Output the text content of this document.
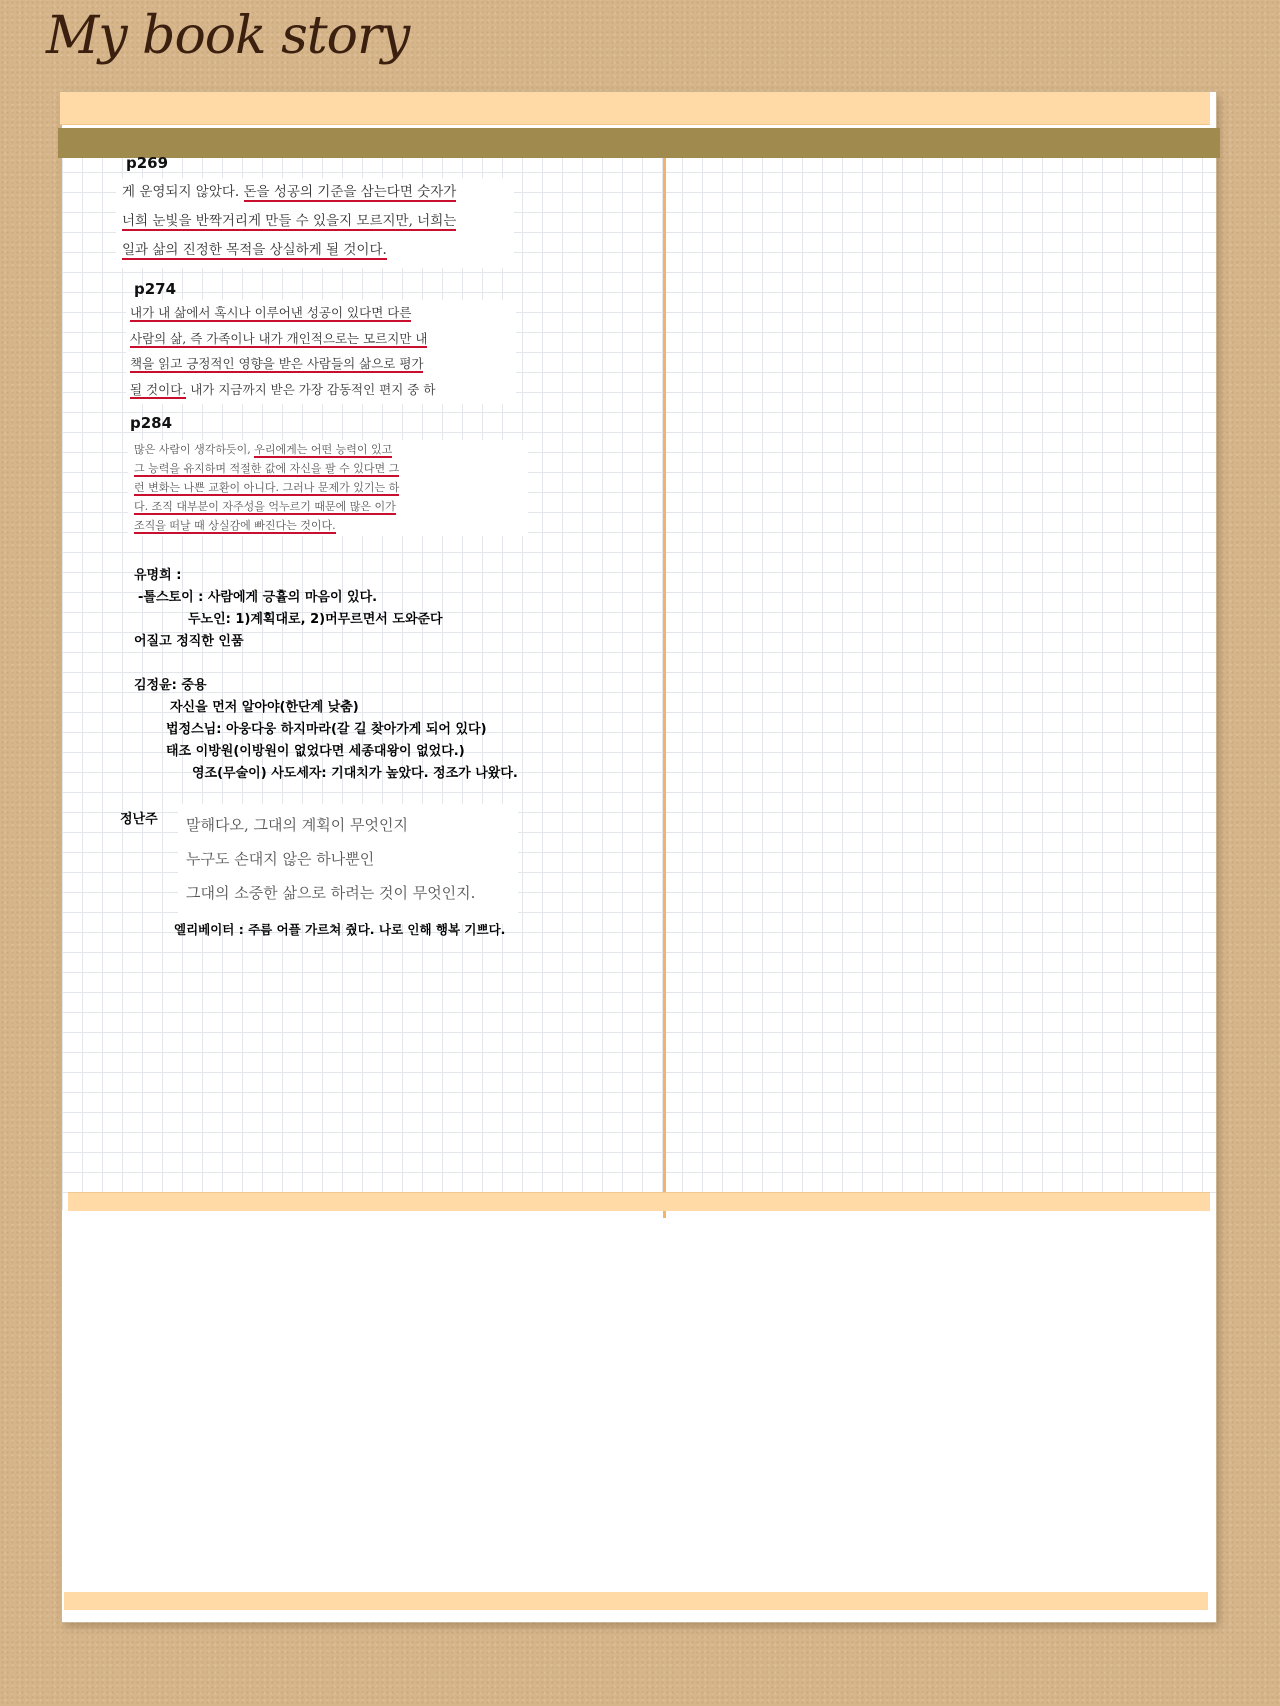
My book story
p269
게 운영되지 않았다. 돈을 성공의 기준을 삼는다면 숫자가
너희 눈빛을 반짝거리게 만들 수 있을지 모르지만, 너희는
일과 삶의 진정한 목적을 상실하게 될 것이다.
p274
내가 내 삶에서 혹시나 이루어낸 성공이 있다면 다른
사람의 삶, 즉 가족이나 내가 개인적으로는 모르지만 내
책을 읽고 긍정적인 영향을 받은 사람들의 삶으로 평가
될 것이다. 내가 지금까지 받은 가장 감동적인 편지 중 하
p284
많은 사람이 생각하듯이, 우리에게는 어떤 능력이 있고
그 능력을 유지하며 적절한 값에 자신을 팔 수 있다면 그
런 변화는 나쁜 교환이 아니다. 그러나 문제가 있기는 하
다. 조직 대부분이 자주성을 억누르기 때문에 많은 이가
조직을 떠날 때 상실감에 빠진다는 것이다.
유명희 :
-톨스토이 : 사람에게 긍휼의 마음이 있다.
두노인: 1)계획대로, 2)머무르면서 도와준다
어질고 정직한 인품
김정윤: 중용
자신을 먼저 알아야(한단계 낮춤)
법정스님: 아웅다웅 하지마라(갈 길 찾아가게 되어 있다)
태조 이방원(이방원이 없었다면 세종대왕이 없었다.)
영조(무술이) 사도세자: 기대치가 높았다. 정조가 나왔다.
정난주 말해다오, 그대의 계획이 무엇인지
누구도 손대지 않은 하나뿐인
그대의 소중한 삶으로 하려는 것이 무엇인지.
엘리베이터 : 주름 어플 가르쳐 줬다. 나로 인해 행복 기쁘다.
